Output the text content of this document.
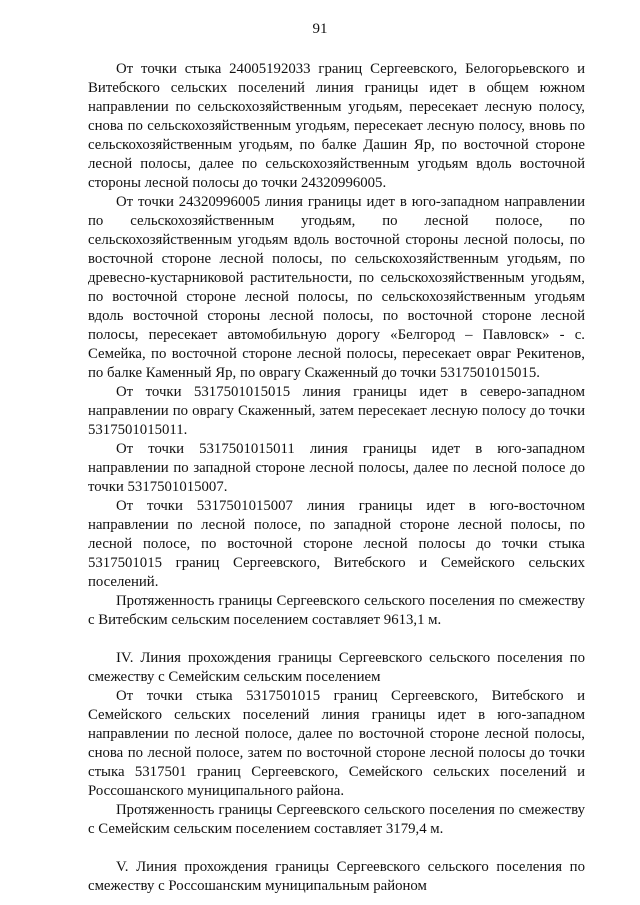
91

От точки стыка 24005192033 границ Сергеевского, Белогорьевского и Витебского сельских поселений линия границы идет в общем южном направлении по сельскохозяйственным угодьям, пересекает лесную полосу, снова по сельскохозяйственным угодьям, пересекает лесную полосу, вновь по сельскохозяйственным угодьям, по балке Дашин Яр, по восточной стороне лесной полосы, далее по сельскохозяйственным угодьям вдоль восточной стороны лесной полосы до точки 24320996005.

От точки 24320996005 линия границы идет в юго-западном направлении по сельскохозяйственным угодьям, по лесной полосе, по сельскохозяйственным угодьям вдоль восточной стороны лесной полосы, по восточной стороне лесной полосы, по сельскохозяйственным угодьям, по древесно-кустарниковой растительности, по сельскохозяйственным угодьям, по восточной стороне лесной полосы, по сельскохозяйственным угодьям вдоль восточной стороны лесной полосы, по восточной стороне лесной полосы, пересекает автомобильную дорогу «Белгород – Павловск» - с. Семейка, по восточной стороне лесной полосы, пересекает овраг Рекитенов, по балке Каменный Яр, по оврагу Скаженный до точки 5317501015015.

От точки 5317501015015 линия границы идет в северо-западном направлении по оврагу Скаженный, затем пересекает лесную полосу до точки 5317501015011.

От точки 5317501015011 линия границы идет в юго-западном направлении по западной стороне лесной полосы, далее по лесной полосе до точки 5317501015007.

От точки 5317501015007 линия границы идет в юго-восточном направлении по лесной полосе, по западной стороне лесной полосы, по лесной полосе, по восточной стороне лесной полосы до точки стыка 5317501015 границ Сергеевского, Витебского и Семейского сельских поселений.

Протяженность границы Сергеевского сельского поселения по смежеству с Витебским сельским поселением составляет 9613,1 м.

IV. Линия прохождения границы Сергеевского сельского поселения по смежеству с Семейским сельским поселением

От точки стыка 5317501015 границ Сергеевского, Витебского и Семейского сельских поселений линия границы идет в юго-западном направлении по лесной полосе, далее по восточной стороне лесной полосы, снова по лесной полосе, затем по восточной стороне лесной полосы до точки стыка 5317501 границ Сергеевского, Семейского сельских поселений и Россошанского муниципального района.

Протяженность границы Сергеевского сельского поселения по смежеству с Семейским сельским поселением составляет 3179,4 м.

V. Линия прохождения границы Сергеевского сельского поселения по смежеству с Россошанским муниципальным районом
